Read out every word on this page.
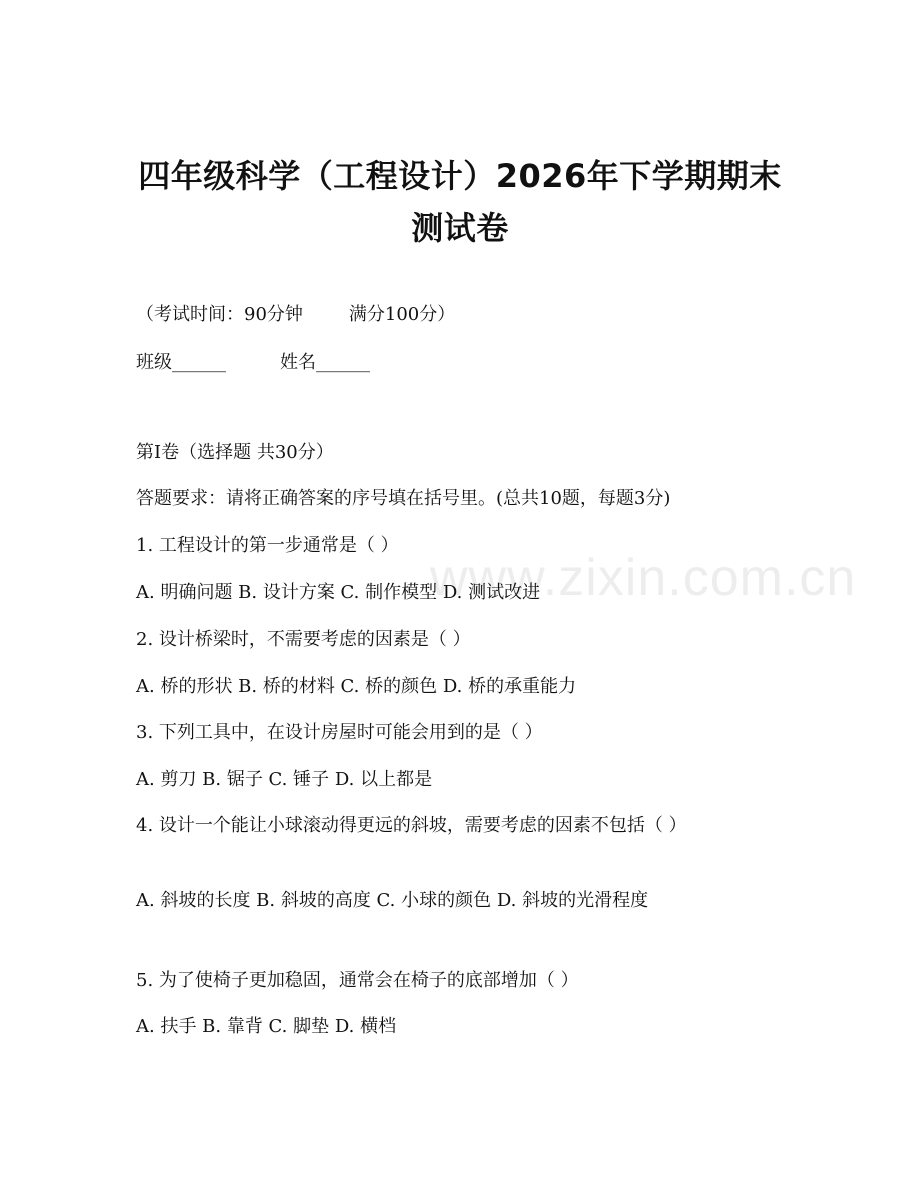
www.zixin.com.cn
四年级科学（工程设计）2026年下学期期末
测试卷

（考试时间：90分钟	满分100分）

班级______	姓名______

第I卷（选择题 共30分）

答题要求：请将正确答案的序号填在括号里。(总共10题，每题3分)

1. 工程设计的第一步通常是（ ）

A. 明确问题 B. 设计方案 C. 制作模型 D. 测试改进

2. 设计桥梁时，不需要考虑的因素是（ ）

A. 桥的形状 B. 桥的材料 C. 桥的颜色 D. 桥的承重能力

3. 下列工具中，在设计房屋时可能会用到的是（ ）

A. 剪刀 B. 锯子 C. 锤子 D. 以上都是

4. 设计一个能让小球滚动得更远的斜坡，需要考虑的因素不包括（ ）

A. 斜坡的长度 B. 斜坡的高度 C. 小球的颜色 D. 斜坡的光滑程度

5. 为了使椅子更加稳固，通常会在椅子的底部增加（ ）

A. 扶手 B. 靠背 C. 脚垫 D. 横档
